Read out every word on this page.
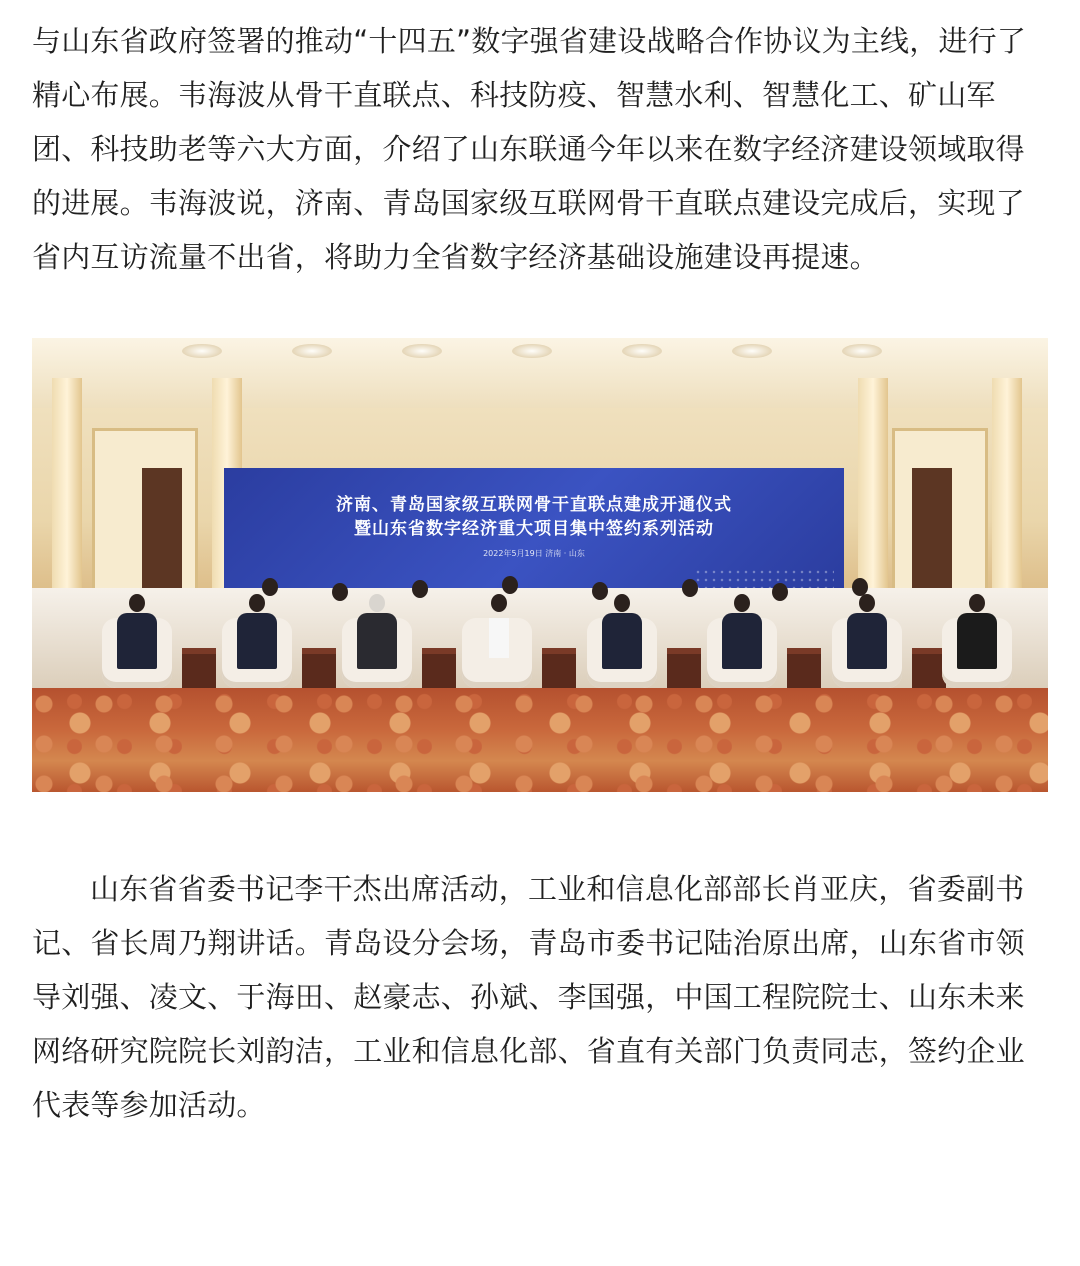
与山东省政府签署的推动“十四五”数字强省建设战略合作协议为主线，进行了精心布展。韦海波从骨干直联点、科技防疫、智慧水利、智慧化工、矿山军团、科技助老等六大方面，介绍了山东联通今年以来在数字经济建设领域取得的进展。韦海波说，济南、青岛国家级互联网骨干直联点建设完成后，实现了省内互访流量不出省，将助力全省数字经济基础设施建设再提速。

济南、青岛国家级互联网骨干直联点建成开通仪式
暨山东省数字经济重大项目集中签约系列活动
2022年5月19日 济南 · 山东

山东省省委书记李干杰出席活动，工业和信息化部部长肖亚庆，省委副书记、省长周乃翔讲话。青岛设分会场，青岛市委书记陆治原出席，山东省市领导刘强、凌文、于海田、赵豪志、孙斌、李国强，中国工程院院士、山东未来网络研究院院长刘韵洁，工业和信息化部、省直有关部门负责同志，签约企业代表等参加活动。
